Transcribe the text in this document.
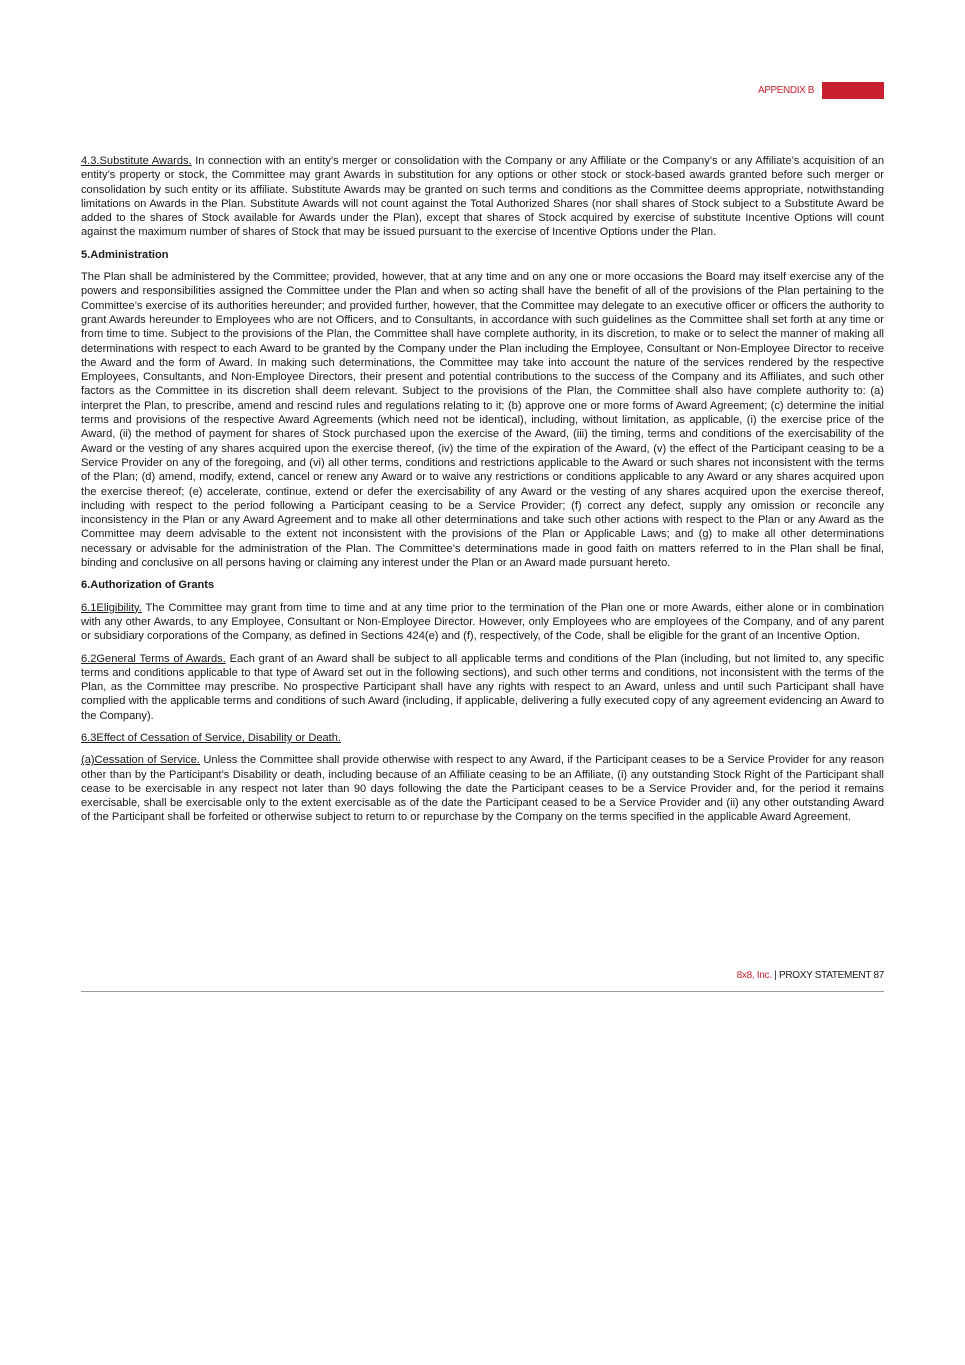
APPENDIX B

4.3.Substitute Awards. In connection with an entity’s merger or consolidation with the Company or any Affiliate or the Company’s or any Affiliate’s acquisition of an entity’s property or stock, the Committee may grant Awards in substitution for any options or other stock or stock-based awards granted before such merger or consolidation by such entity or its affiliate. Substitute Awards may be granted on such terms and conditions as the Committee deems appropriate, notwithstanding limitations on Awards in the Plan. Substitute Awards will not count against the Total Authorized Shares (nor shall shares of Stock subject to a Substitute Award be added to the shares of Stock available for Awards under the Plan), except that shares of Stock acquired by exercise of substitute Incentive Options will count against the maximum number of shares of Stock that may be issued pursuant to the exercise of Incentive Options under the Plan.

5.Administration

The Plan shall be administered by the Committee; provided, however, that at any time and on any one or more occasions the Board may itself exercise any of the powers and responsibilities assigned the Committee under the Plan and when so acting shall have the benefit of all of the provisions of the Plan pertaining to the Committee’s exercise of its authorities hereunder; and provided further, however, that the Committee may delegate to an executive officer or officers the authority to grant Awards hereunder to Employees who are not Officers, and to Consultants, in accordance with such guidelines as the Committee shall set forth at any time or from time to time. Subject to the provisions of the Plan, the Committee shall have complete authority, in its discretion, to make or to select the manner of making all determinations with respect to each Award to be granted by the Company under the Plan including the Employee, Consultant or Non-Employee Director to receive the Award and the form of Award. In making such determinations, the Committee may take into account the nature of the services rendered by the respective Employees, Consultants, and Non-Employee Directors, their present and potential contributions to the success of the Company and its Affiliates, and such other factors as the Committee in its discretion shall deem relevant. Subject to the provisions of the Plan, the Committee shall also have complete authority to: (a) interpret the Plan, to prescribe, amend and rescind rules and regulations relating to it; (b) approve one or more forms of Award Agreement; (c) determine the initial terms and provisions of the respective Award Agreements (which need not be identical), including, without limitation, as applicable, (i) the exercise price of the Award, (ii) the method of payment for shares of Stock purchased upon the exercise of the Award, (iii) the timing, terms and conditions of the exercisability of the Award or the vesting of any shares acquired upon the exercise thereof, (iv) the time of the expiration of the Award, (v) the effect of the Participant ceasing to be a Service Provider on any of the foregoing, and (vi) all other terms, conditions and restrictions applicable to the Award or such shares not inconsistent with the terms of the Plan; (d) amend, modify, extend, cancel or renew any Award or to waive any restrictions or conditions applicable to any Award or any shares acquired upon the exercise thereof; (e) accelerate, continue, extend or defer the exercisability of any Award or the vesting of any shares acquired upon the exercise thereof, including with respect to the period following a Participant ceasing to be a Service Provider; (f) correct any defect, supply any omission or reconcile any inconsistency in the Plan or any Award Agreement and to make all other determinations and take such other actions with respect to the Plan or any Award as the Committee may deem advisable to the extent not inconsistent with the provisions of the Plan or Applicable Laws; and (g) to make all other determinations necessary or advisable for the administration of the Plan. The Committee’s determinations made in good faith on matters referred to in the Plan shall be final, binding and conclusive on all persons having or claiming any interest under the Plan or an Award made pursuant hereto.

6.Authorization of Grants

6.1Eligibility. The Committee may grant from time to time and at any time prior to the termination of the Plan one or more Awards, either alone or in combination with any other Awards, to any Employee, Consultant or Non-Employee Director. However, only Employees who are employees of the Company, and of any parent or subsidiary corporations of the Company, as defined in Sections 424(e) and (f), respectively, of the Code, shall be eligible for the grant of an Incentive Option.

6.2General Terms of Awards. Each grant of an Award shall be subject to all applicable terms and conditions of the Plan (including, but not limited to, any specific terms and conditions applicable to that type of Award set out in the following sections), and such other terms and conditions, not inconsistent with the terms of the Plan, as the Committee may prescribe. No prospective Participant shall have any rights with respect to an Award, unless and until such Participant shall have complied with the applicable terms and conditions of such Award (including, if applicable, delivering a fully executed copy of any agreement evidencing an Award to the Company).

6.3Effect of Cessation of Service, Disability or Death.

(a)Cessation of Service. Unless the Committee shall provide otherwise with respect to any Award, if the Participant ceases to be a Service Provider for any reason other than by the Participant’s Disability or death, including because of an Affiliate ceasing to be an Affiliate, (i) any outstanding Stock Right of the Participant shall cease to be exercisable in any respect not later than 90 days following the date the Participant ceases to be a Service Provider and, for the period it remains exercisable, shall be exercisable only to the extent exercisable as of the date the Participant ceased to be a Service Provider and (ii) any other outstanding Award of the Participant shall be forfeited or otherwise subject to return to or repurchase by the Company on the terms specified in the applicable Award Agreement.

8x8, Inc. | PROXY STATEMENT 87
